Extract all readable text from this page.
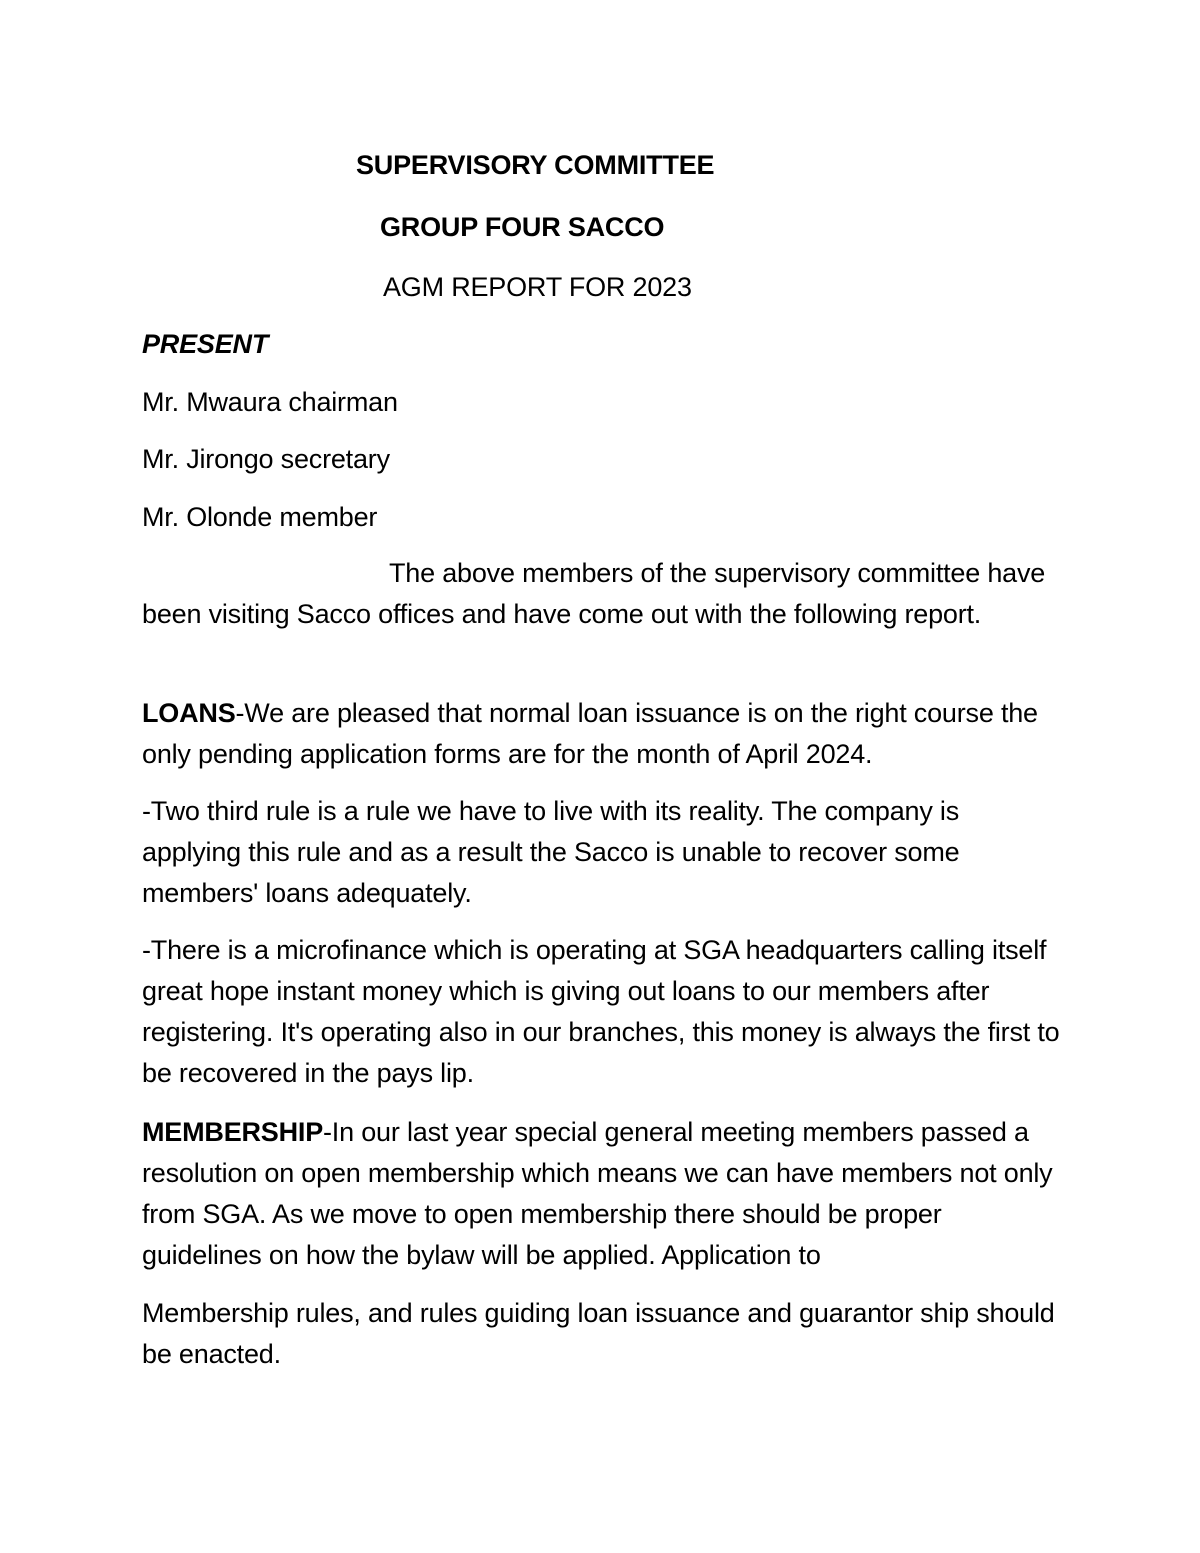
SUPERVISORY COMMITTEE
GROUP FOUR SACCO
AGM REPORT FOR 2023
PRESENT
Mr. Mwaura chairman
Mr. Jirongo secretary
Mr. Olonde member
The above members of the supervisory committee have been visiting Sacco offices and have come out with the following report.
LOANS-We are pleased that normal loan issuance is on the right course the only pending application forms are for the month of April 2024.
-Two third rule is a rule we have to live with its reality. The company is applying this rule and as a result the Sacco is unable to recover some members' loans adequately.
-There is a microfinance which is operating at SGA headquarters calling itself great hope instant money which is giving out loans to our members after registering. It's operating also in our branches, this money is always the first to be recovered in the pays lip.
MEMBERSHIP-In our last year special general meeting members passed a resolution on open membership which means we can have members not only from SGA. As we move to open membership there should be proper guidelines on how the bylaw will be applied. Application to
Membership rules, and rules guiding loan issuance and guarantor ship should be enacted.
